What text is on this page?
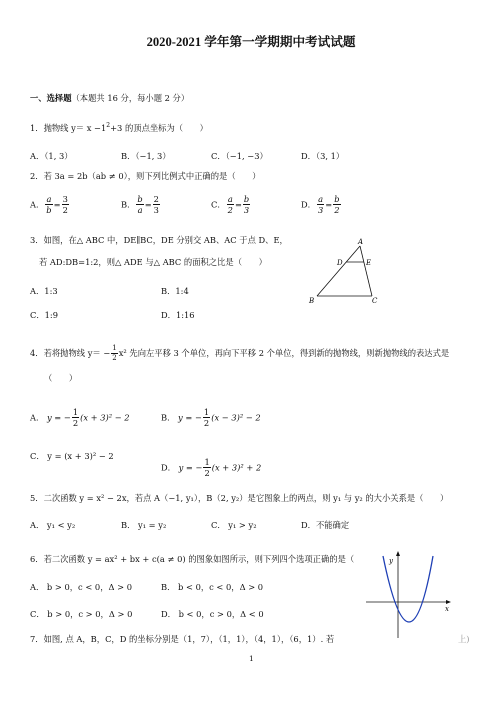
2020-2021 学年第一学期期中考试试题
一、选择题（本题共 16 分，每小题 2 分）
1．抛物线 $y= x -1^2+3$ 的顶点坐标为（　　）
A．（1, 3）	B．（−1, 3）	C．（−1, −3）	D．（3, 1）
2．若 3a = 2b（ab ≠ 0），则下列比例式中正确的是（　　）
A． $\frac{a}{b} = \frac{3}{2}$	B． $\frac{b}{a} = \frac{2}{3}$	C． $\frac{a}{2} = \frac{b}{3}$	D． $\frac{a}{3} = \frac{b}{2}$
3．如图，在△ ABC 中，DE∥BC，DE 分别交 AB、AC 于点 D、E，
若 AD:DB=1:2，则△ ADE 与△ ABC 的面积之比是（　　）
A．1:3	B．1:4
C．1:9	D．1:16
A
D	E
B	C
4．若将抛物线 $y= - \frac{1}{2} x^2$ 先向左平移 3 个单位，再向下平移 2 个单位，得到新的抛物线，则新抛物线的表达式是
（　　）
A． y = − $\frac{1}{2} (x + 3)^2 - 2$	B． y = − $\frac{1}{2} (x - 3)^2 - 2$
C． y = (x + 3)² − 2
D． y = − $\frac{1}{2} (x + 3)^2 + 2$
5．二次函数 y = x² − 2x，若点 A（−1, y₁），B（2, y₂）是它图象上的两点，则 y₁ 与 y₂ 的大小关系是（　　）
A． y₁ < y₂	B． y₁ = y₂	C． y₁ > y₂	D．不能确定
6．若二次函数 y = ax² + bx + c(a ≠ 0) 的图象如图所示，则下列四个选项正确的是（
A． b > 0，c < 0，Δ > 0	B． b < 0，c < 0，Δ > 0
C． b > 0，c > 0，Δ > 0	D． b < 0，c > 0，Δ < 0
y
x
7．如图, 点 A，B，C，D 的坐标分别是（1，7），（1，1），（4，1），（6，1）. 若	上)
1
